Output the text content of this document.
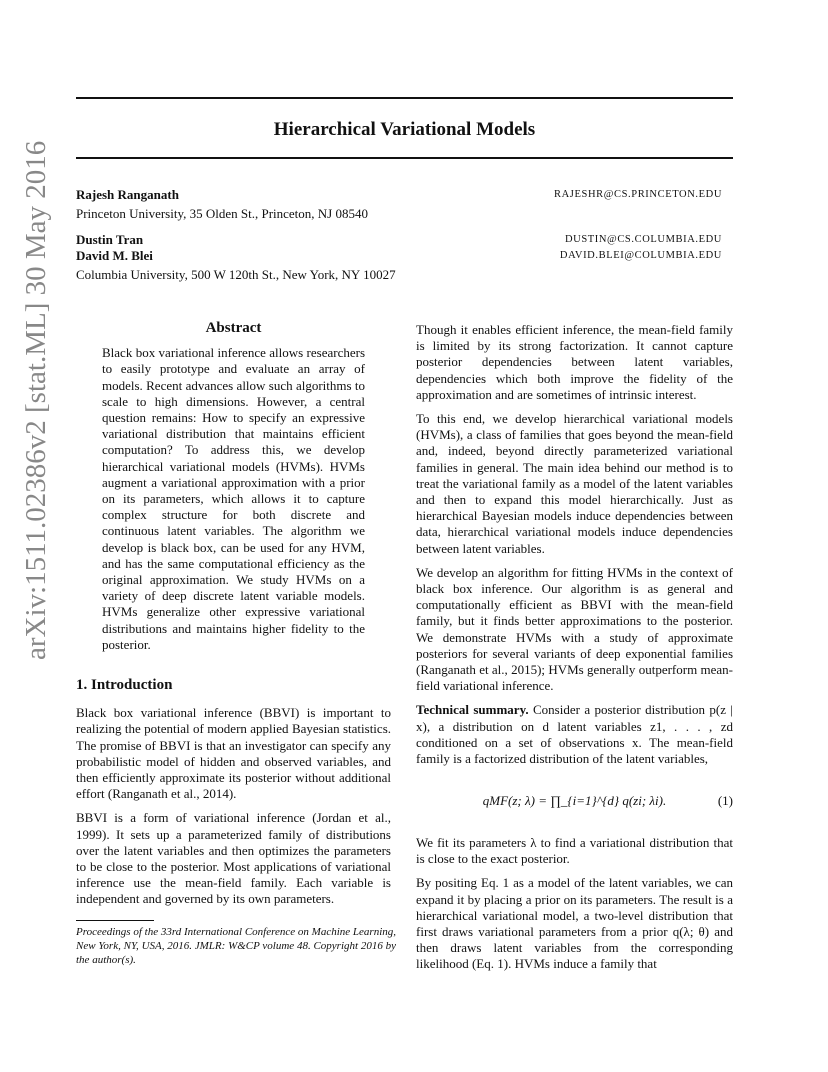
Hierarchical Variational Models
Rajesh Ranganath	RAJESHR@CS.PRINCETON.EDU
Princeton University, 35 Olden St., Princeton, NJ 08540
Dustin Tran	DUSTIN@CS.COLUMBIA.EDU
David M. Blei	DAVID.BLEI@COLUMBIA.EDU
Columbia University, 500 W 120th St., New York, NY 10027
arXiv:1511.02386v2 [stat.ML] 30 May 2016	Abstract

Black box variational inference allows researchers to easily prototype and evaluate an array of models. Recent advances allow such algorithms to scale to high dimensions. However, a central question remains: How to specify an expressive variational distribution that maintains efficient computation? To address this, we develop hierarchical variational models (HVMs). HVMs augment a variational approximation with a prior on its parameters, which allows it to capture complex structure for both discrete and continuous latent variables. The algorithm we develop is black box, can be used for any HVM, and has the same computational efficiency as the original approximation. We study HVMs on a variety of deep discrete latent variable models. HVMs generalize other expressive variational distributions and maintains higher fidelity to the posterior.

1. Introduction

Black box variational inference (BBVI) is important to realizing the potential of modern applied Bayesian statistics. The promise of BBVI is that an investigator can specify any probabilistic model of hidden and observed variables, and then efficiently approximate its posterior without additional effort (Ranganath et al., 2014).

BBVI is a form of variational inference (Jordan et al., 1999). It sets up a parameterized family of distributions over the latent variables and then optimizes the parameters to be close to the posterior. Most applications of variational inference use the mean-field family. Each variable is independent and governed by its own parameters.

Proceedings of the 33rd International Conference on Machine Learning, New York, NY, USA, 2016. JMLR: W&CP volume 48. Copyright 2016 by the author(s).

Though it enables efficient inference, the mean-field family is limited by its strong factorization. It cannot capture posterior dependencies between latent variables, dependencies which both improve the fidelity of the approximation and are sometimes of intrinsic interest.

To this end, we develop hierarchical variational models (HVMs), a class of families that goes beyond the mean-field and, indeed, beyond directly parameterized variational families in general. The main idea behind our method is to treat the variational family as a model of the latent variables and then to expand this model hierarchically. Just as hierarchical Bayesian models induce dependencies between data, hierarchical variational models induce dependencies between latent variables.

We develop an algorithm for fitting HVMs in the context of black box inference. Our algorithm is as general and computationally efficient as BBVI with the mean-field family, but it finds better approximations to the posterior. We demonstrate HVMs with a study of approximate posteriors for several variants of deep exponential families (Ranganath et al., 2015); HVMs generally outperform mean-field variational inference.

Technical summary. Consider a posterior distribution p(z | x), a distribution on d latent variables z1, . . . , zd conditioned on a set of observations x. The mean-field family is a factorized distribution of the latent variables,

qMF(z; λ) = ∏_{i=1}^{d} q(zi; λi).	(1)

We fit its parameters λ to find a variational distribution that is close to the exact posterior.

By positing Eq. 1 as a model of the latent variables, we can expand it by placing a prior on its parameters. The result is a hierarchical variational model, a two-level distribution that first draws variational parameters from a prior q(λ; θ) and then draws latent variables from the corresponding likelihood (Eq. 1). HVMs induce a family that
